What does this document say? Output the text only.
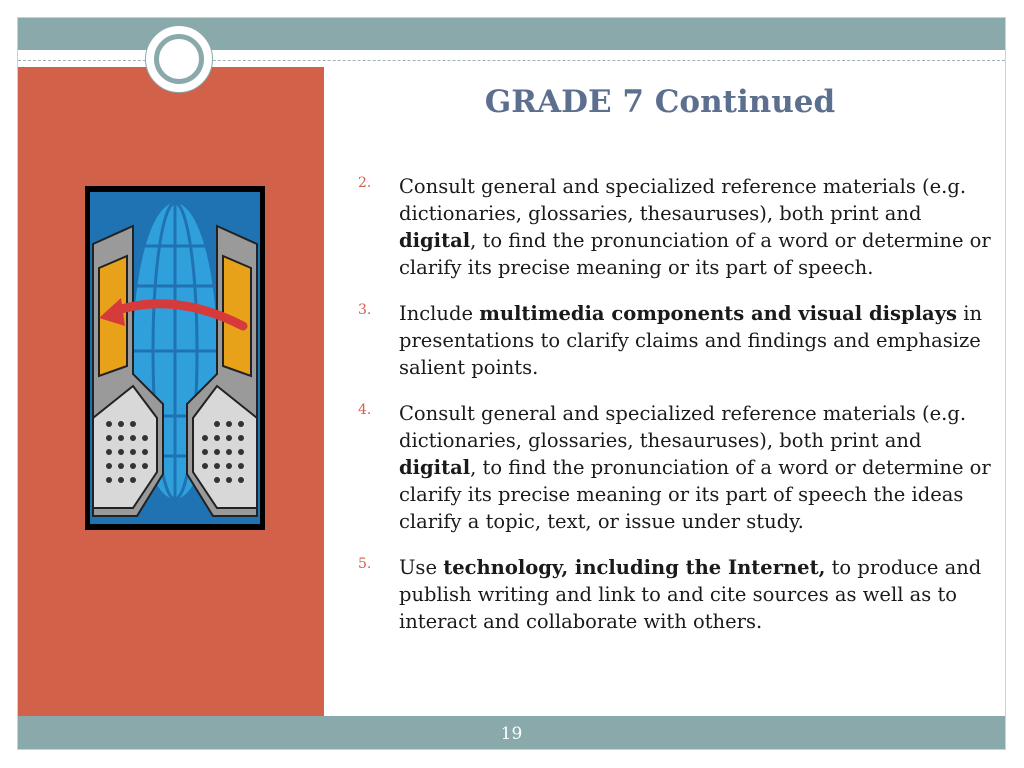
GRADE 7 Continued
2. Consult general and specialized reference materials (e.g. dictionaries, glossaries, thesauruses), both print and digital, to find the pronunciation of a word or determine or clarify its precise meaning or its part of speech.
3. Include multimedia components and visual displays in presentations to clarify claims and findings and emphasize salient points.
4. Consult general and specialized reference materials (e.g. dictionaries, glossaries, thesauruses), both print and digital, to find the pronunciation of a word or determine or clarify its precise meaning or its part of speech the ideas clarify a topic, text, or issue under study.
5. Use technology, including the Internet, to produce and publish writing and link to and cite sources as well as to interact and collaborate with others.
19
